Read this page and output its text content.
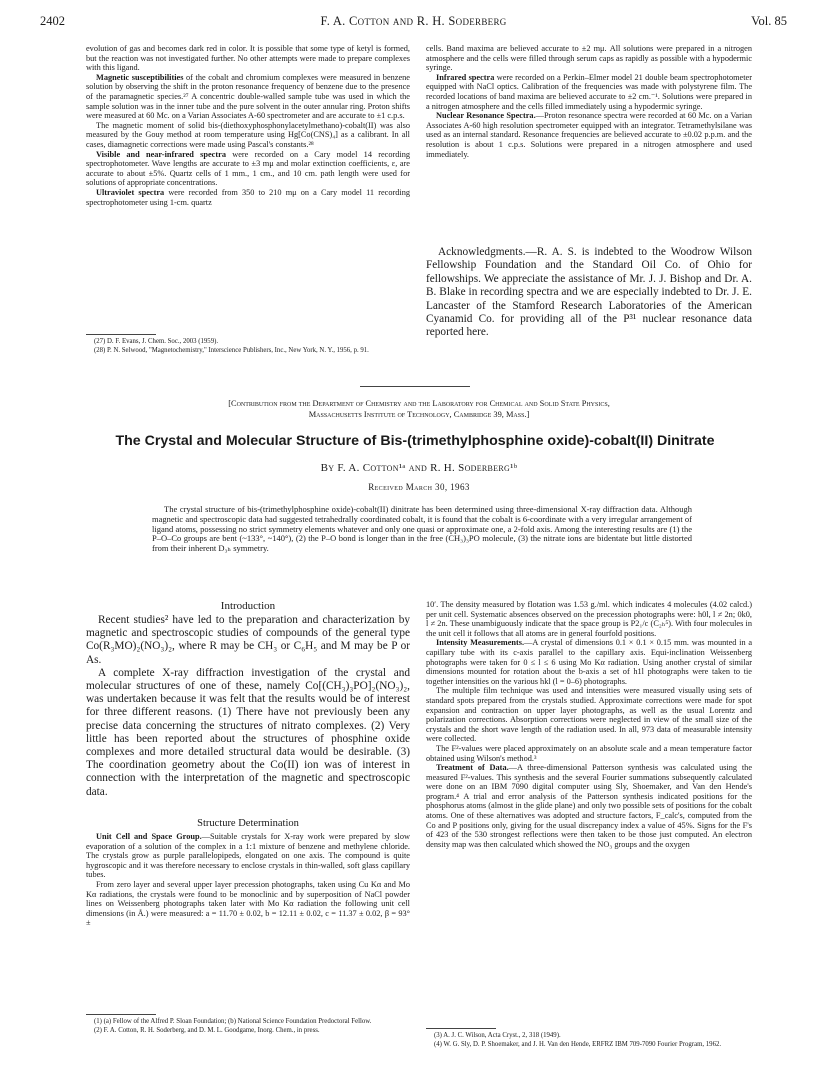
2402	F. A. Cotton and R. H. Soderberg	Vol. 85

evolution of gas and becomes dark red in color. It is possible that some type of ketyl is formed, but the reaction was not investigated further. No other attempts were made to prepare complexes with this ligand.

Magnetic susceptibilities of the cobalt and chromium complexes were measured in benzene solution by observing the shift in the proton resonance frequency of benzene due to the presence of the paramagnetic species.²⁷ A concentric double-walled sample tube was used in which the sample solution was in the inner tube and the pure solvent in the outer annular ring. Proton shifts were measured at 60 Mc. on a Varian Associates A-60 spectrometer and are accurate to ±1 c.p.s.

The magnetic moment of solid bis-(diethoxyphosphonylacetylmethano)-cobalt(II) was also measured by the Gouy method at room temperature using Hg[Co(CNS)₄] as a calibrant. In all cases, diamagnetic corrections were made using Pascal's constants.²⁸

Visible and near-infrared spectra were recorded on a Cary model 14 recording spectrophotometer. Wave lengths are accurate to ±3 mμ and molar extinction coefficients, ε, are accurate to about ±5%. Quartz cells of 1 mm., 1 cm., and 10 cm. path length were used for solutions of appropriate concentrations.

Ultraviolet spectra were recorded from 350 to 210 mμ on a Cary model 11 recording spectrophotometer using 1-cm. quartz

(27) D. F. Evans, J. Chem. Soc., 2003 (1959).

(28) P. N. Selwood, "Magnetochemistry," Interscience Publishers, Inc., New York, N. Y., 1956, p. 91.

cells. Band maxima are believed accurate to ±2 mμ. All solutions were prepared in a nitrogen atmosphere and the cells were filled through serum caps as rapidly as possible with a hypodermic syringe.

Infrared spectra were recorded on a Perkin–Elmer model 21 double beam spectrophotometer equipped with NaCl optics. Calibration of the frequencies was made with polystyrene film. The recorded locations of band maxima are believed accurate to ±2 cm.⁻¹. Solutions were prepared in a nitrogen atmosphere and the cells filled immediately using a hypodermic syringe.

Nuclear Resonance Spectra.—Proton resonance spectra were recorded at 60 Mc. on a Varian Associates A-60 high resolution spectrometer equipped with an integrator. Tetramethylsilane was used as an internal standard. Resonance frequencies are believed accurate to ±0.02 p.p.m. and the resolution is about 1 c.p.s. Solutions were prepared in a nitrogen atmosphere and used immediately.

Acknowledgments.—R. A. S. is indebted to the Woodrow Wilson Fellowship Foundation and the Standard Oil Co. of Ohio for fellowships. We appreciate the assistance of Mr. J. J. Bishop and Dr. A. B. Blake in recording spectra and we are especially indebted to Dr. J. E. Lancaster of the Stamford Research Laboratories of the American Cyanamid Co. for providing all of the P³¹ nuclear resonance data reported here.

[Contribution from the Department of Chemistry and the Laboratory for Chemical and Solid State Physics,
Massachusetts Institute of Technology, Cambridge 39, Mass.]
The Crystal and Molecular Structure of Bis-(trimethylphosphine oxide)-cobalt(II) Dinitrate
By F. A. Cotton¹ᵃ and R. H. Soderberg¹ᵇ
Received March 30, 1963
The crystal structure of bis-(trimethylphosphine oxide)-cobalt(II) dinitrate has been determined using three-dimensional X-ray diffraction data. Although magnetic and spectroscopic data had suggested tetrahedrally coordinated cobalt, it is found that the cobalt is 6-coordinate with a very irregular arrangement of ligand atoms, possessing no strict symmetry elements whatever and only one quasi or approximate one, a 2-fold axis. Among the interesting results are (1) the P–O–Co groups are bent (~133°, ~140°), (2) the P–O bond is longer than in the free (CH₃)₃PO molecule, (3) the nitrate ions are bidentate but little distorted from their inherent D₃ₕ symmetry.
Introduction

Recent studies² have led to the preparation and characterization by magnetic and spectroscopic studies of compounds of the general type Co(R₃MO)₂(NO₃)₂, where R may be CH₃ or C₆H₅ and M may be P or As.

A complete X-ray diffraction investigation of the crystal and molecular structures of one of these, namely Co[(CH₃)₃PO]₂(NO₃)₂, was undertaken because it was felt that the results would be of interest for three different reasons. (1) There have not previously been any precise data concerning the structures of nitrato complexes. (2) Very little has been reported about the structures of phosphine oxide complexes and more detailed structural data would be desirable. (3) The coordination geometry about the Co(II) ion was of interest in connection with the interpretation of the magnetic and spectroscopic data.

Structure Determination

Unit Cell and Space Group.—Suitable crystals for X-ray work were prepared by slow evaporation of a solution of the complex in a 1:1 mixture of benzene and methylene chloride. The crystals grow as purple parallelopipeds, elongated on one axis. The compound is quite hygroscopic and it was therefore necessary to enclose crystals in thin-walled, soft glass capillary tubes.

From zero layer and several upper layer precession photographs, taken using Cu Kα and Mo Kα radiations, the crystals were found to be monoclinic and by superposition of NaCl powder lines on Weissenberg photographs taken later with Mo Kα radiation the following unit cell dimensions (in Å.) were measured: a = 11.70 ± 0.02, b = 12.11 ± 0.02, c = 11.37 ± 0.02, β = 93° ±

(1) (a) Fellow of the Alfred P. Sloan Foundation; (b) National Science Foundation Predoctoral Fellow.

(2) F. A. Cotton, R. H. Soderberg, and D. M. L. Goodgame, Inorg. Chem., in press.

10′. The density measured by flotation was 1.53 g./ml. which indicates 4 molecules (4.02 calcd.) per unit cell. Systematic absences observed on the precession photographs were: h0l, l ≠ 2n; 0k0, l ≠ 2n. These unambiguously indicate that the space group is P2₁/c (C₂ₕ⁵). With four molecules in the unit cell it follows that all atoms are in general fourfold positions.

Intensity Measurements.—A crystal of dimensions 0.1 × 0.1 × 0.15 mm. was mounted in a capillary tube with its c-axis parallel to the capillary axis. Equi-inclination Weissenberg photographs were taken for 0 ≤ l ≤ 6 using Mo Kα radiation. Using another crystal of similar dimensions mounted for rotation about the b-axis a set of h1l photographs were taken to tie together intensities on the various hkl (l = 0–6) photographs.

The multiple film technique was used and intensities were measured visually using sets of standard spots prepared from the crystals studied. Approximate corrections were made for spot expansion and contraction on upper layer photographs, as well as the usual Lorentz and polarization corrections. Absorption corrections were neglected in view of the small size of the crystals and the short wave length of the radiation used. In all, 973 data of measurable intensity were collected.

The F²-values were placed approximately on an absolute scale and a mean temperature factor obtained using Wilson's method.³

Treatment of Data.—A three-dimensional Patterson synthesis was calculated using the measured F²-values. This synthesis and the several Fourier summations subsequently calculated were done on an IBM 7090 digital computer using Sly, Shoemaker, and Van den Hende's program.⁴ A trial and error analysis of the Patterson synthesis indicated positions for the phosphorus atoms (almost in the glide plane) and only two possible sets of positions for the cobalt atoms. One of these alternatives was adopted and structure factors, F_calc's, computed from the Co and P positions only, giving for the usual discrepancy index a value of 45%. Signs for the F's of 423 of the 530 strongest reflections were then taken to be those just computed. An electron density map was then calculated which showed the NO₃ groups and the oxygen

(3) A. J. C. Wilson, Acta Cryst., 2, 318 (1949).

(4) W. G. Sly, D. P. Shoemaker, and J. H. Van den Hende, ERFRZ IBM 709-7090 Fourier Program, 1962.
